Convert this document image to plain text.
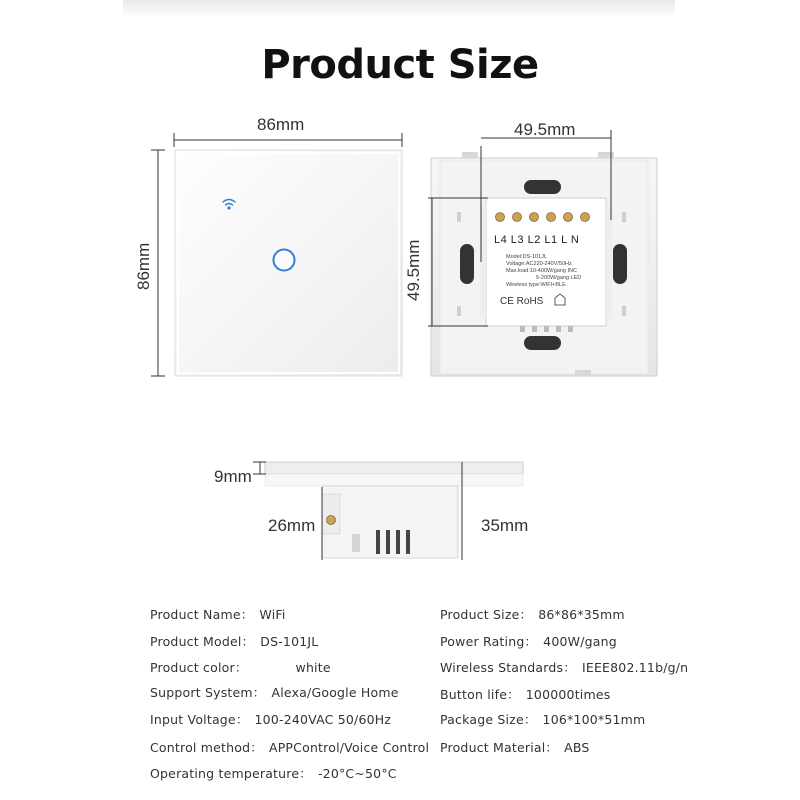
Product Size
L4 L3 L2 L1 L N
Model:DS-101JL
Voltage:AC220-240V/50Hz
Max.load:10-400W/gang INC
5-200W/gang LED
Wireless type:WIFI+BLE
CE RoHS
86mm
86mm
49.5mm
49.5mm
9mm
26mm	35mm
Product Name： WiFi
Product Model： DS-101JL
Product color：	white
Support System： Alexa/Google Home
Input Voltage： 100-240VAC 50/60Hz
Control method： APPControl/Voice Control
Operating temperature： -20°C~50°C
Product Size： 86*86*35mm
Power Rating： 400W/gang
Wireless Standards： IEEE802.11b/g/n
Button life： 100000times
Package Size： 106*100*51mm
Product Material： ABS
